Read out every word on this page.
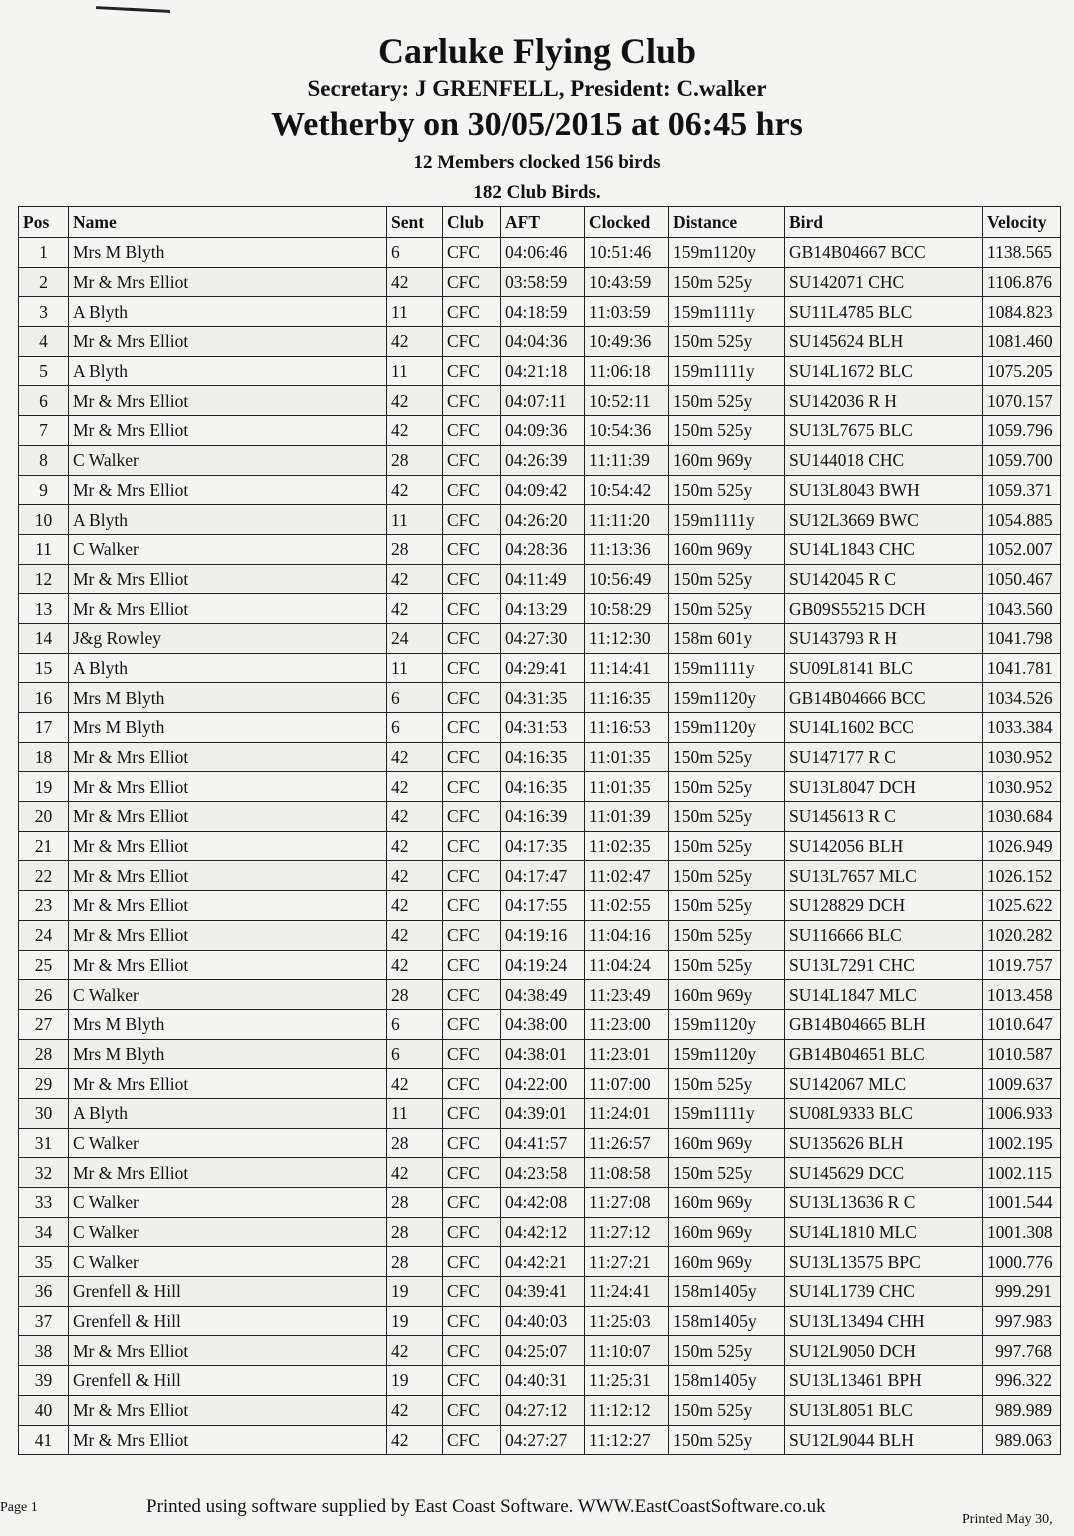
Carluke Flying Club
Secretary: J GRENFELL, President: C.walker
Wetherby on 30/05/2015 at 06:45 hrs
12 Members clocked 156 birds
182 Club Birds.
Pos	Name	Sent	Club	AFT	Clocked	Distance	Bird	Velocity
1	Mrs M Blyth	6	CFC	04:06:46	10:51:46	159m1120y	GB14B04667 BCC	1138.565
2	Mr & Mrs Elliot	42	CFC	03:58:59	10:43:59	150m 525y	SU142071 CHC	1106.876
3	A Blyth	11	CFC	04:18:59	11:03:59	159m1111y	SU11L4785 BLC	1084.823
4	Mr & Mrs Elliot	42	CFC	04:04:36	10:49:36	150m 525y	SU145624 BLH	1081.460
5	A Blyth	11	CFC	04:21:18	11:06:18	159m1111y	SU14L1672 BLC	1075.205
6	Mr & Mrs Elliot	42	CFC	04:07:11	10:52:11	150m 525y	SU142036 R H	1070.157
7	Mr & Mrs Elliot	42	CFC	04:09:36	10:54:36	150m 525y	SU13L7675 BLC	1059.796
8	C Walker	28	CFC	04:26:39	11:11:39	160m 969y	SU144018 CHC	1059.700
9	Mr & Mrs Elliot	42	CFC	04:09:42	10:54:42	150m 525y	SU13L8043 BWH	1059.371
10	A Blyth	11	CFC	04:26:20	11:11:20	159m1111y	SU12L3669 BWC	1054.885
11	C Walker	28	CFC	04:28:36	11:13:36	160m 969y	SU14L1843 CHC	1052.007
12	Mr & Mrs Elliot	42	CFC	04:11:49	10:56:49	150m 525y	SU142045 R C	1050.467
13	Mr & Mrs Elliot	42	CFC	04:13:29	10:58:29	150m 525y	GB09S55215 DCH	1043.560
14	J&g Rowley	24	CFC	04:27:30	11:12:30	158m 601y	SU143793 R H	1041.798
15	A Blyth	11	CFC	04:29:41	11:14:41	159m1111y	SU09L8141 BLC	1041.781
16	Mrs M Blyth	6	CFC	04:31:35	11:16:35	159m1120y	GB14B04666 BCC	1034.526
17	Mrs M Blyth	6	CFC	04:31:53	11:16:53	159m1120y	SU14L1602 BCC	1033.384
18	Mr & Mrs Elliot	42	CFC	04:16:35	11:01:35	150m 525y	SU147177 R C	1030.952
19	Mr & Mrs Elliot	42	CFC	04:16:35	11:01:35	150m 525y	SU13L8047 DCH	1030.952
20	Mr & Mrs Elliot	42	CFC	04:16:39	11:01:39	150m 525y	SU145613 R C	1030.684
21	Mr & Mrs Elliot	42	CFC	04:17:35	11:02:35	150m 525y	SU142056 BLH	1026.949
22	Mr & Mrs Elliot	42	CFC	04:17:47	11:02:47	150m 525y	SU13L7657 MLC	1026.152
23	Mr & Mrs Elliot	42	CFC	04:17:55	11:02:55	150m 525y	SU128829 DCH	1025.622
24	Mr & Mrs Elliot	42	CFC	04:19:16	11:04:16	150m 525y	SU116666 BLC	1020.282
25	Mr & Mrs Elliot	42	CFC	04:19:24	11:04:24	150m 525y	SU13L7291 CHC	1019.757
26	C Walker	28	CFC	04:38:49	11:23:49	160m 969y	SU14L1847 MLC	1013.458
27	Mrs M Blyth	6	CFC	04:38:00	11:23:00	159m1120y	GB14B04665 BLH	1010.647
28	Mrs M Blyth	6	CFC	04:38:01	11:23:01	159m1120y	GB14B04651 BLC	1010.587
29	Mr & Mrs Elliot	42	CFC	04:22:00	11:07:00	150m 525y	SU142067 MLC	1009.637
30	A Blyth	11	CFC	04:39:01	11:24:01	159m1111y	SU08L9333 BLC	1006.933
31	C Walker	28	CFC	04:41:57	11:26:57	160m 969y	SU135626 BLH	1002.195
32	Mr & Mrs Elliot	42	CFC	04:23:58	11:08:58	150m 525y	SU145629 DCC	1002.115
33	C Walker	28	CFC	04:42:08	11:27:08	160m 969y	SU13L13636 R C	1001.544
34	C Walker	28	CFC	04:42:12	11:27:12	160m 969y	SU14L1810 MLC	1001.308
35	C Walker	28	CFC	04:42:21	11:27:21	160m 969y	SU13L13575 BPC	1000.776
36	Grenfell & Hill	19	CFC	04:39:41	11:24:41	158m1405y	SU14L1739 CHC	999.291
37	Grenfell & Hill	19	CFC	04:40:03	11:25:03	158m1405y	SU13L13494 CHH	997.983
38	Mr & Mrs Elliot	42	CFC	04:25:07	11:10:07	150m 525y	SU12L9050 DCH	997.768
39	Grenfell & Hill	19	CFC	04:40:31	11:25:31	158m1405y	SU13L13461 BPH	996.322
40	Mr & Mrs Elliot	42	CFC	04:27:12	11:12:12	150m 525y	SU13L8051 BLC	989.989
41	Mr & Mrs Elliot	42	CFC	04:27:27	11:12:27	150m 525y	SU12L9044 BLH	989.063
Page 1	Printed using software supplied by East Coast Software. WWW.EastCoastSoftware.co.uk
Printed May 30,
